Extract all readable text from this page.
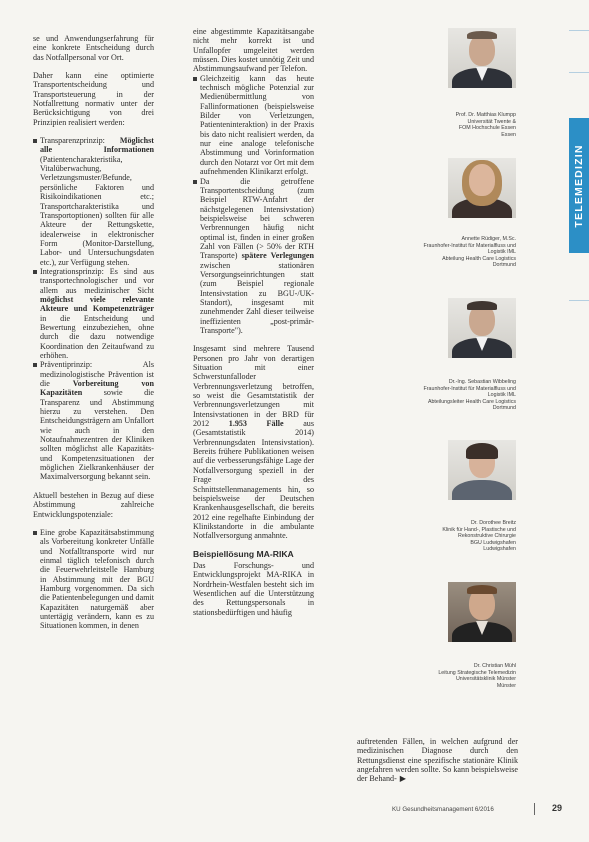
se und Anwendungserfahrung für eine konkrete Entscheidung durch das Notfallpersonal vor Ort.

Daher kann eine optimierte Transportentscheidung und Transportsteuerung in der Notfallrettung normativ unter der Berücksichtigung von drei Prinzipien realisiert werden:

Transparenzprinzip: Möglichst alle Informationen (Patientencharakteristika, Vitalüberwachung, Verletzungsmuster/Befunde, persönliche Faktoren und Risikoindikationen etc.; Transportcharakteristika und Transportoptionen) sollten für alle Akteure der Rettungskette, idealerweise in elektronischer Form (Monitor-Darstellung, Labor- und Untersuchungsdaten etc.), zur Verfügung stehen.
Integrationsprinzip: Es sind aus transportechnologischer und vor allem aus medizinischer Sicht möglichst viele relevante Akteure und Kompetenzträger in die Entscheidung und Bewertung einzubeziehen, ohne durch die dazu notwendige Koordination den Zeitaufwand zu erhöhen.
Präventiprinzip: Als medizinologistische Prävention ist die	Vorbereitung von Kapazitäten	sowie die Transparenz und Abstimmung hierzu zu verstehen. Den Entscheidungsträgern am Unfallort wie auch in den Notaufnahmezentren der Kliniken sollten möglichst alle Kapazitäts- und Kompetenzsituationen der möglichen Zielkrankenhäuser der Maximalversorgung bekannt sein.

Aktuell bestehen in Bezug auf diese Abstimmung zahlreiche Entwicklungspotenziale:

Eine grobe Kapazitätsabstimmung als Vorbereitung konkreter Unfälle und Notfalltransporte wird nur einmal täglich telefonisch durch die Feuerwehrleitstelle Hamburg in Abstimmung mit der BGU Hamburg vorgenommen. Da sich die Patientenbelegungen und damit Kapazitäten naturgemäß aber untertägig verändern, kann es zu Situationen kommen, in denen

eine abgestimmte Kapazitätsangabe nicht mehr korrekt ist und Unfallopfer umgeleitet werden müssen. Dies kostet unnötig Zeit und Abstimmungsaufwand per Telefon.

Gleichzeitig kann das heute technisch mögliche Potenzial zur Medienübermittlung von Fallinformationen (beispielsweise Bilder von Verletzungen, Patienteninteraktion) in der Praxis bis dato nicht realisiert werden, da nur eine analoge telefonische Abstimmung und Vorinformation durch den Notarzt vor Ort mit dem aufnehmenden Klinikarzt erfolgt.
Da die getroffene Transportentscheidung (zum Beispiel RTW-Anfahrt der nächstgelegenen Intensivstation) beispielsweise bei schweren Verbrennungen häufig nicht optimal ist, finden in einer großen Zahl von Fällen (> 50% der RTH Transporte) spätere Verlegungen zwischen stationären Versorgungseinrichtungen statt (zum Beispiel regionale Intensivstation zu BGU-/UK-Standort), insgesamt mit zunehmender Zahl dieser teilweise ineffizienten „post-primär-Transporte").

Insgesamt sind mehrere Tausend Personen pro Jahr von derartigen Situation mit einer Schwerstunfalloder Verbrennungsverletzung betroffen, so weist die Gesamtstatistik der Verbrennungsverletzungen mit Intensivstationen in der BRD für 2012 1.953 Fälle aus (Gesamtstatistik 2014) Verbrennungsdaten Intensivstation). Bereits frühere Publikationen weisen auf die verbesserungsfähige Lage der Notfallversorgung speziell in der Frage des Schnittstellenmanagements hin, so beispielsweise der Deutschen Krankenhausgesellschaft, die bereits 2012 eine regelhafte Einbindung der Klinikstandorte in die ambulante Notfallversorgung anmahnte.

Beispiellösung MA-RIKA

Das Forschungs- und Entwicklungsprojekt MA-RIKA in Nordrhein-Westfalen besteht sich im Wesentlichen auf die Unterstützung des Rettungspersonals in stationsbedürftigen und häufig

auftretenden Fällen, in welchen aufgrund der medizinischen Diagnose durch den Rettungsdienst eine spezifische stationäre Klinik angefahren werden sollte. So kann beispielsweise der Behand- ▶
Prof. Dr. Matthias Klumpp
Universität Twente &
FOM Hochschule Essen
Essen
Annette Rüdiger, M.Sc.
Fraunhofer-Institut für Materialfluss und
Logistik IML
Abteilung Health Care Logistics
Dortmund
Dr.-Ing. Sebastian Wibbeling
Fraunhofer-Institut für Materialfluss und
Logistik IML
Abteilungsleiter Health Care Logistics
Dortmund
Dr. Dorothee Breitz
Klinik für Hand-, Plastische und
Rekonstruktive Chirurgie
BGU Ludwigshafen
Ludwigshafen
Dr. Christian Mühl
Leitung Strategische Telemedizin
Universitätsklinik Münster
Münster
TELEMEDIZIN
KU Gesundheitsmanagement 6/2016	29
